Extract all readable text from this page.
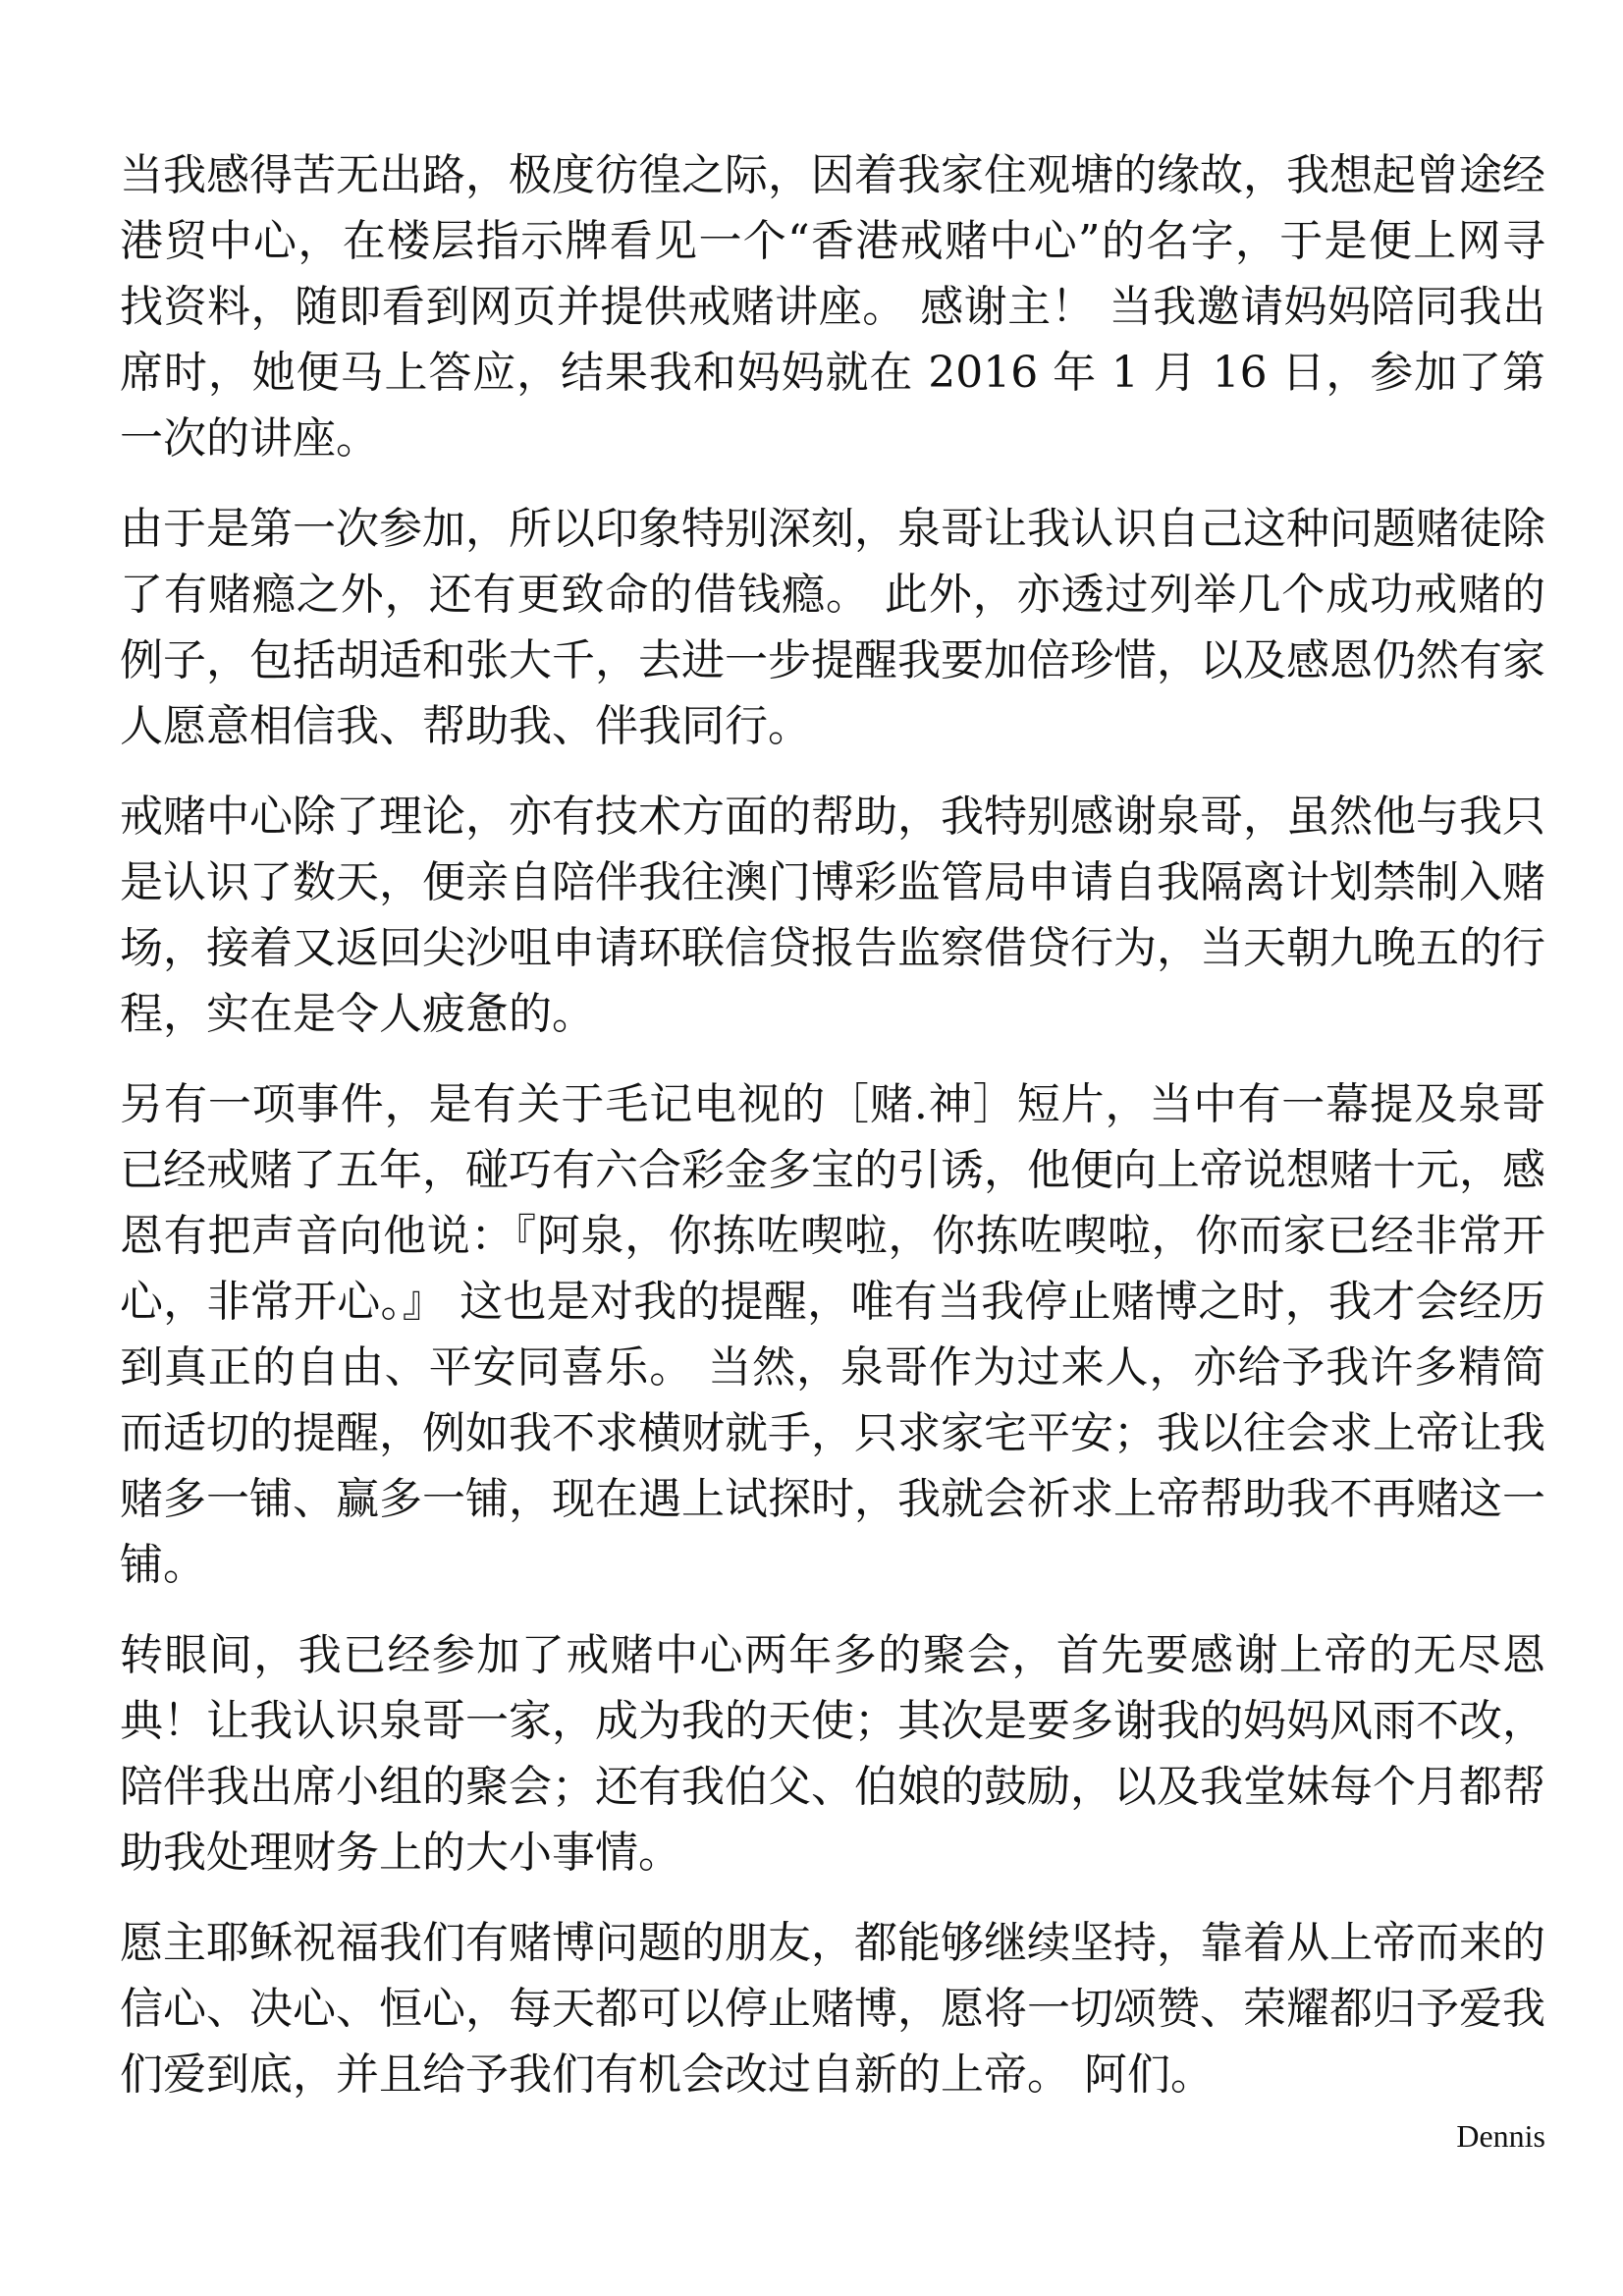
当我感得苦无出路，极度彷徨之际，因着我家住观塘的缘故，我想起曾途经港贸中心，在楼层指示牌看见一个“香港戒赌中心”的名字，于是便上网寻找资料，随即看到网页并提供戒赌讲座。 感谢主！ 当我邀请妈妈陪同我出席时，她便马上答应，结果我和妈妈就在 2016 年 1 月 16 日，参加了第一次的讲座。

由于是第一次参加，所以印象特别深刻，泉哥让我认识自己这种问题赌徒除了有赌瘾之外，还有更致命的借钱瘾。 此外，亦透过列举几个成功戒赌的例子，包括胡适和张大千，去进一步提醒我要加倍珍惜，以及感恩仍然有家人愿意相信我、帮助我、伴我同行。

戒赌中心除了理论，亦有技术方面的帮助，我特别感谢泉哥，虽然他与我只是认识了数天，便亲自陪伴我往澳门博彩监管局申请自我隔离计划禁制入赌场，接着又返回尖沙咀申请环联信贷报告监察借贷行为，当天朝九晚五的行程，实在是令人疲惫的。

另有一项事件，是有关于毛记电视的［赌.神］短片，当中有一幕提及泉哥已经戒赌了五年，碰巧有六合彩金多宝的引诱，他便向上帝说想赌十元，感恩有把声音向他说：『阿泉，你拣咗喫啦，你拣咗喫啦，你而家已经非常开心，非常开心。』 这也是对我的提醒，唯有当我停止赌博之时，我才会经历到真正的自由、平安同喜乐。 当然，泉哥作为过来人，亦给予我许多精简而适切的提醒，例如我不求横财就手，只求家宅平安；我以往会求上帝让我赌多一铺、赢多一铺，现在遇上试探时，我就会祈求上帝帮助我不再赌这一铺。

转眼间，我已经参加了戒赌中心两年多的聚会，首先要感谢上帝的无尽恩典！让我认识泉哥一家，成为我的天使；其次是要多谢我的妈妈风雨不改，陪伴我出席小组的聚会；还有我伯父、伯娘的鼓励，以及我堂妹每个月都帮助我处理财务上的大小事情。

愿主耶稣祝福我们有赌博问题的朋友，都能够继续坚持，靠着从上帝而来的信心、决心、恒心，每天都可以停止赌博，愿将一切颂赞、荣耀都归予爱我们爱到底，并且给予我们有机会改过自新的上帝。 阿们。

Dennis
